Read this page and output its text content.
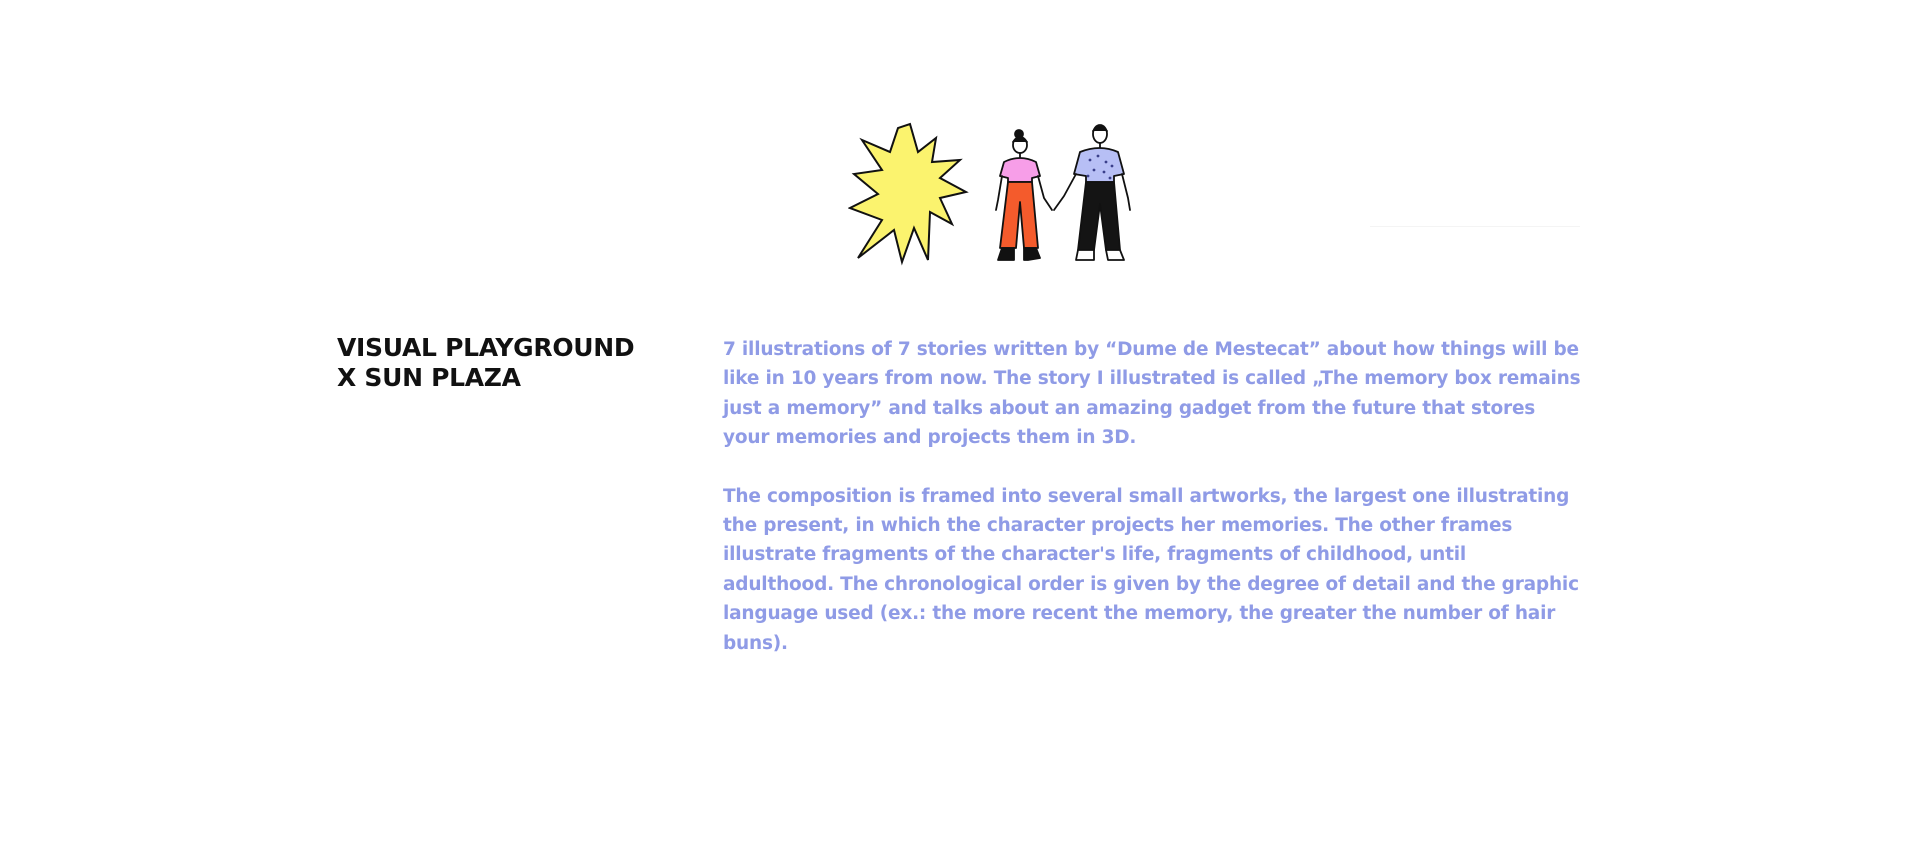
VISUAL PLAYGROUND
X SUN PLAZA

7 illustrations of 7 stories written by “Dume de Mestecat” about how things will be like in 10 years from now. The story I illustrated is called „The memory box remains just a memory” and talks about an amazing gadget from the future that stores your memories and projects them in 3D.

The composition is framed into several small artworks, the largest one illustrating the present, in which the character projects her memories. The other frames illustrate fragments of the character's life, fragments of childhood, until adulthood. The chronological order is given by the degree of detail and the graphic language used (ex.: the more recent the memory, the greater the number of hair buns).
